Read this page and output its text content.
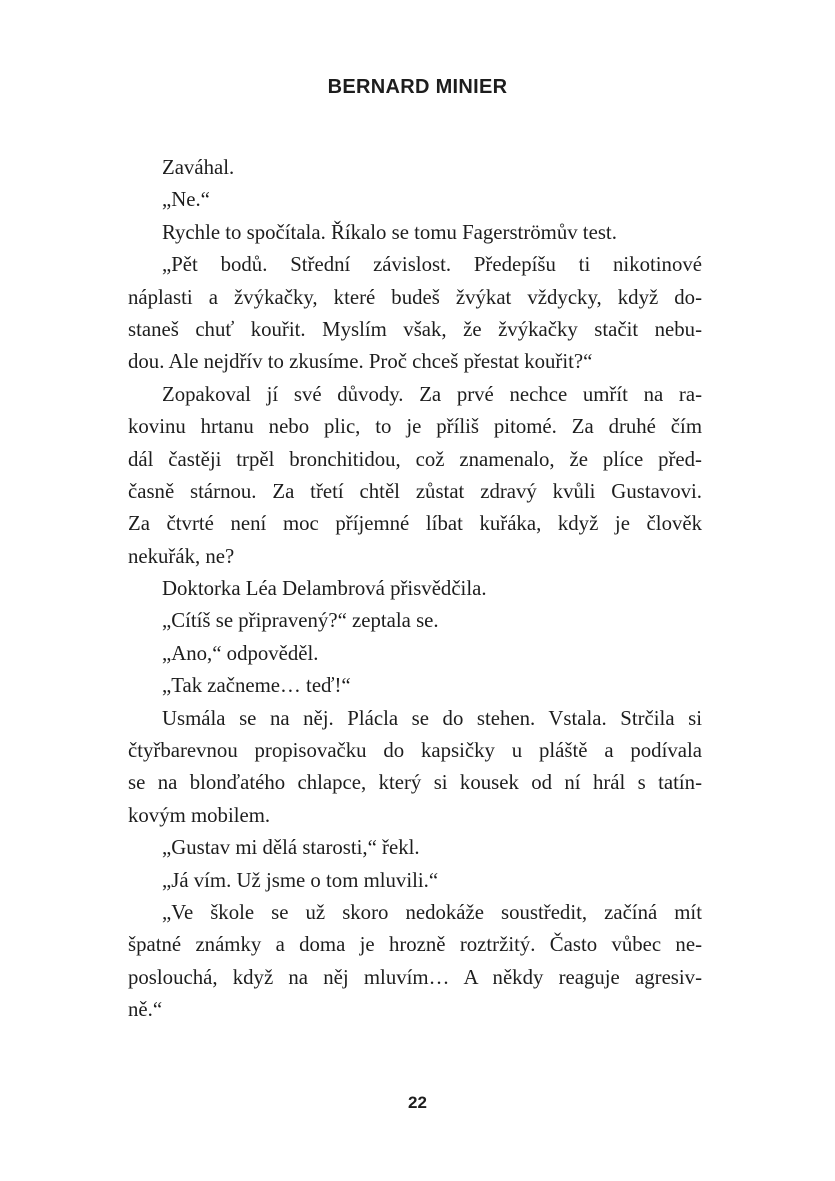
BERNARD MINIER
Zaváhal.
„Ne.“
Rychle to spočítala. Říkalo se tomu Fagerströmův test.
„Pět bodů. Střední závislost. Předepíšu ti nikotinové
náplasti a žvýkačky, které budeš žvýkat vždycky, když do-
staneš chuť kouřit. Myslím však, že žvýkačky stačit nebu-
dou. Ale nejdřív to zkusíme. Proč chceš přestat kouřit?“
Zopakoval jí své důvody. Za prvé nechce umřít na ra-
kovinu hrtanu nebo plic, to je příliš pitomé. Za druhé čím
dál častěji trpěl bronchitidou, což znamenalo, že plíce před-
časně stárnou. Za třetí chtěl zůstat zdravý kvůli Gustavovi.
Za čtvrté není moc příjemné líbat kuřáka, když je člověk
nekuřák, ne?
Doktorka Léa Delambrová přisvědčila.
„Cítíš se připravený?“ zeptala se.
„Ano,“ odpověděl.
„Tak začneme… teď!“
Usmála se na něj. Plácla se do stehen. Vstala. Strčila si
čtyřbarevnou propisovačku do kapsičky u pláště a podívala
se na blonďatého chlapce, který si kousek od ní hrál s tatín-
kovým mobilem.
„Gustav mi dělá starosti,“ řekl.
„Já vím. Už jsme o tom mluvili.“
„Ve škole se už skoro nedokáže soustředit, začíná mít
špatné známky a doma je hrozně roztržitý. Často vůbec ne-
poslouchá, když na něj mluvím… A někdy reaguje agresiv-
ně.“
22
